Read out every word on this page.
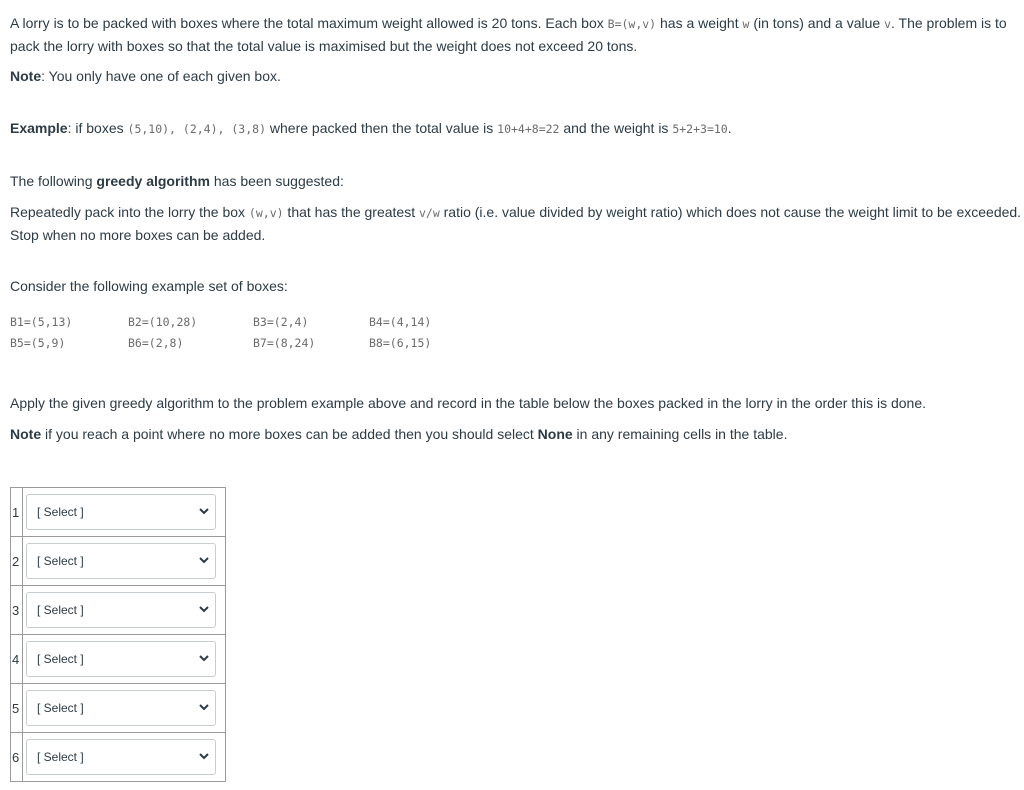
A lorry is to be packed with boxes where the total maximum weight allowed is 20 tons. Each box B=(w,v) has a weight w (in tons) and a value v. The problem is to
pack the lorry with boxes so that the total value is maximised but the weight does not exceed 20 tons.

Note: You only have one of each given box.

Example: if boxes (5,10), (2,4), (3,8) where packed then the total value is 10+4+8=22 and the weight is 5+2+3=10.

The following greedy algorithm has been suggested:

Repeatedly pack into the lorry the box (w,v) that has the greatest v/w ratio (i.e. value divided by weight ratio) which does not cause the weight limit to be exceeded.
Stop when no more boxes can be added.

Consider the following example set of boxes:

B1=(5,13)	B2=(10,28)	B3=(2,4)	B4=(4,14)
B5=(5,9)	B6=(2,8)	B7=(8,24)	B8=(6,15)

Apply the given greedy algorithm to the problem example above and record in the table below the boxes packed in the lorry in the order this is done.

Note if you reach a point where no more boxes can be added then you should select None in any remaining cells in the table.

1	[ Select ]

2	[ Select ]

3	[ Select ]

4	[ Select ]

5	[ Select ]

6	[ Select ]
